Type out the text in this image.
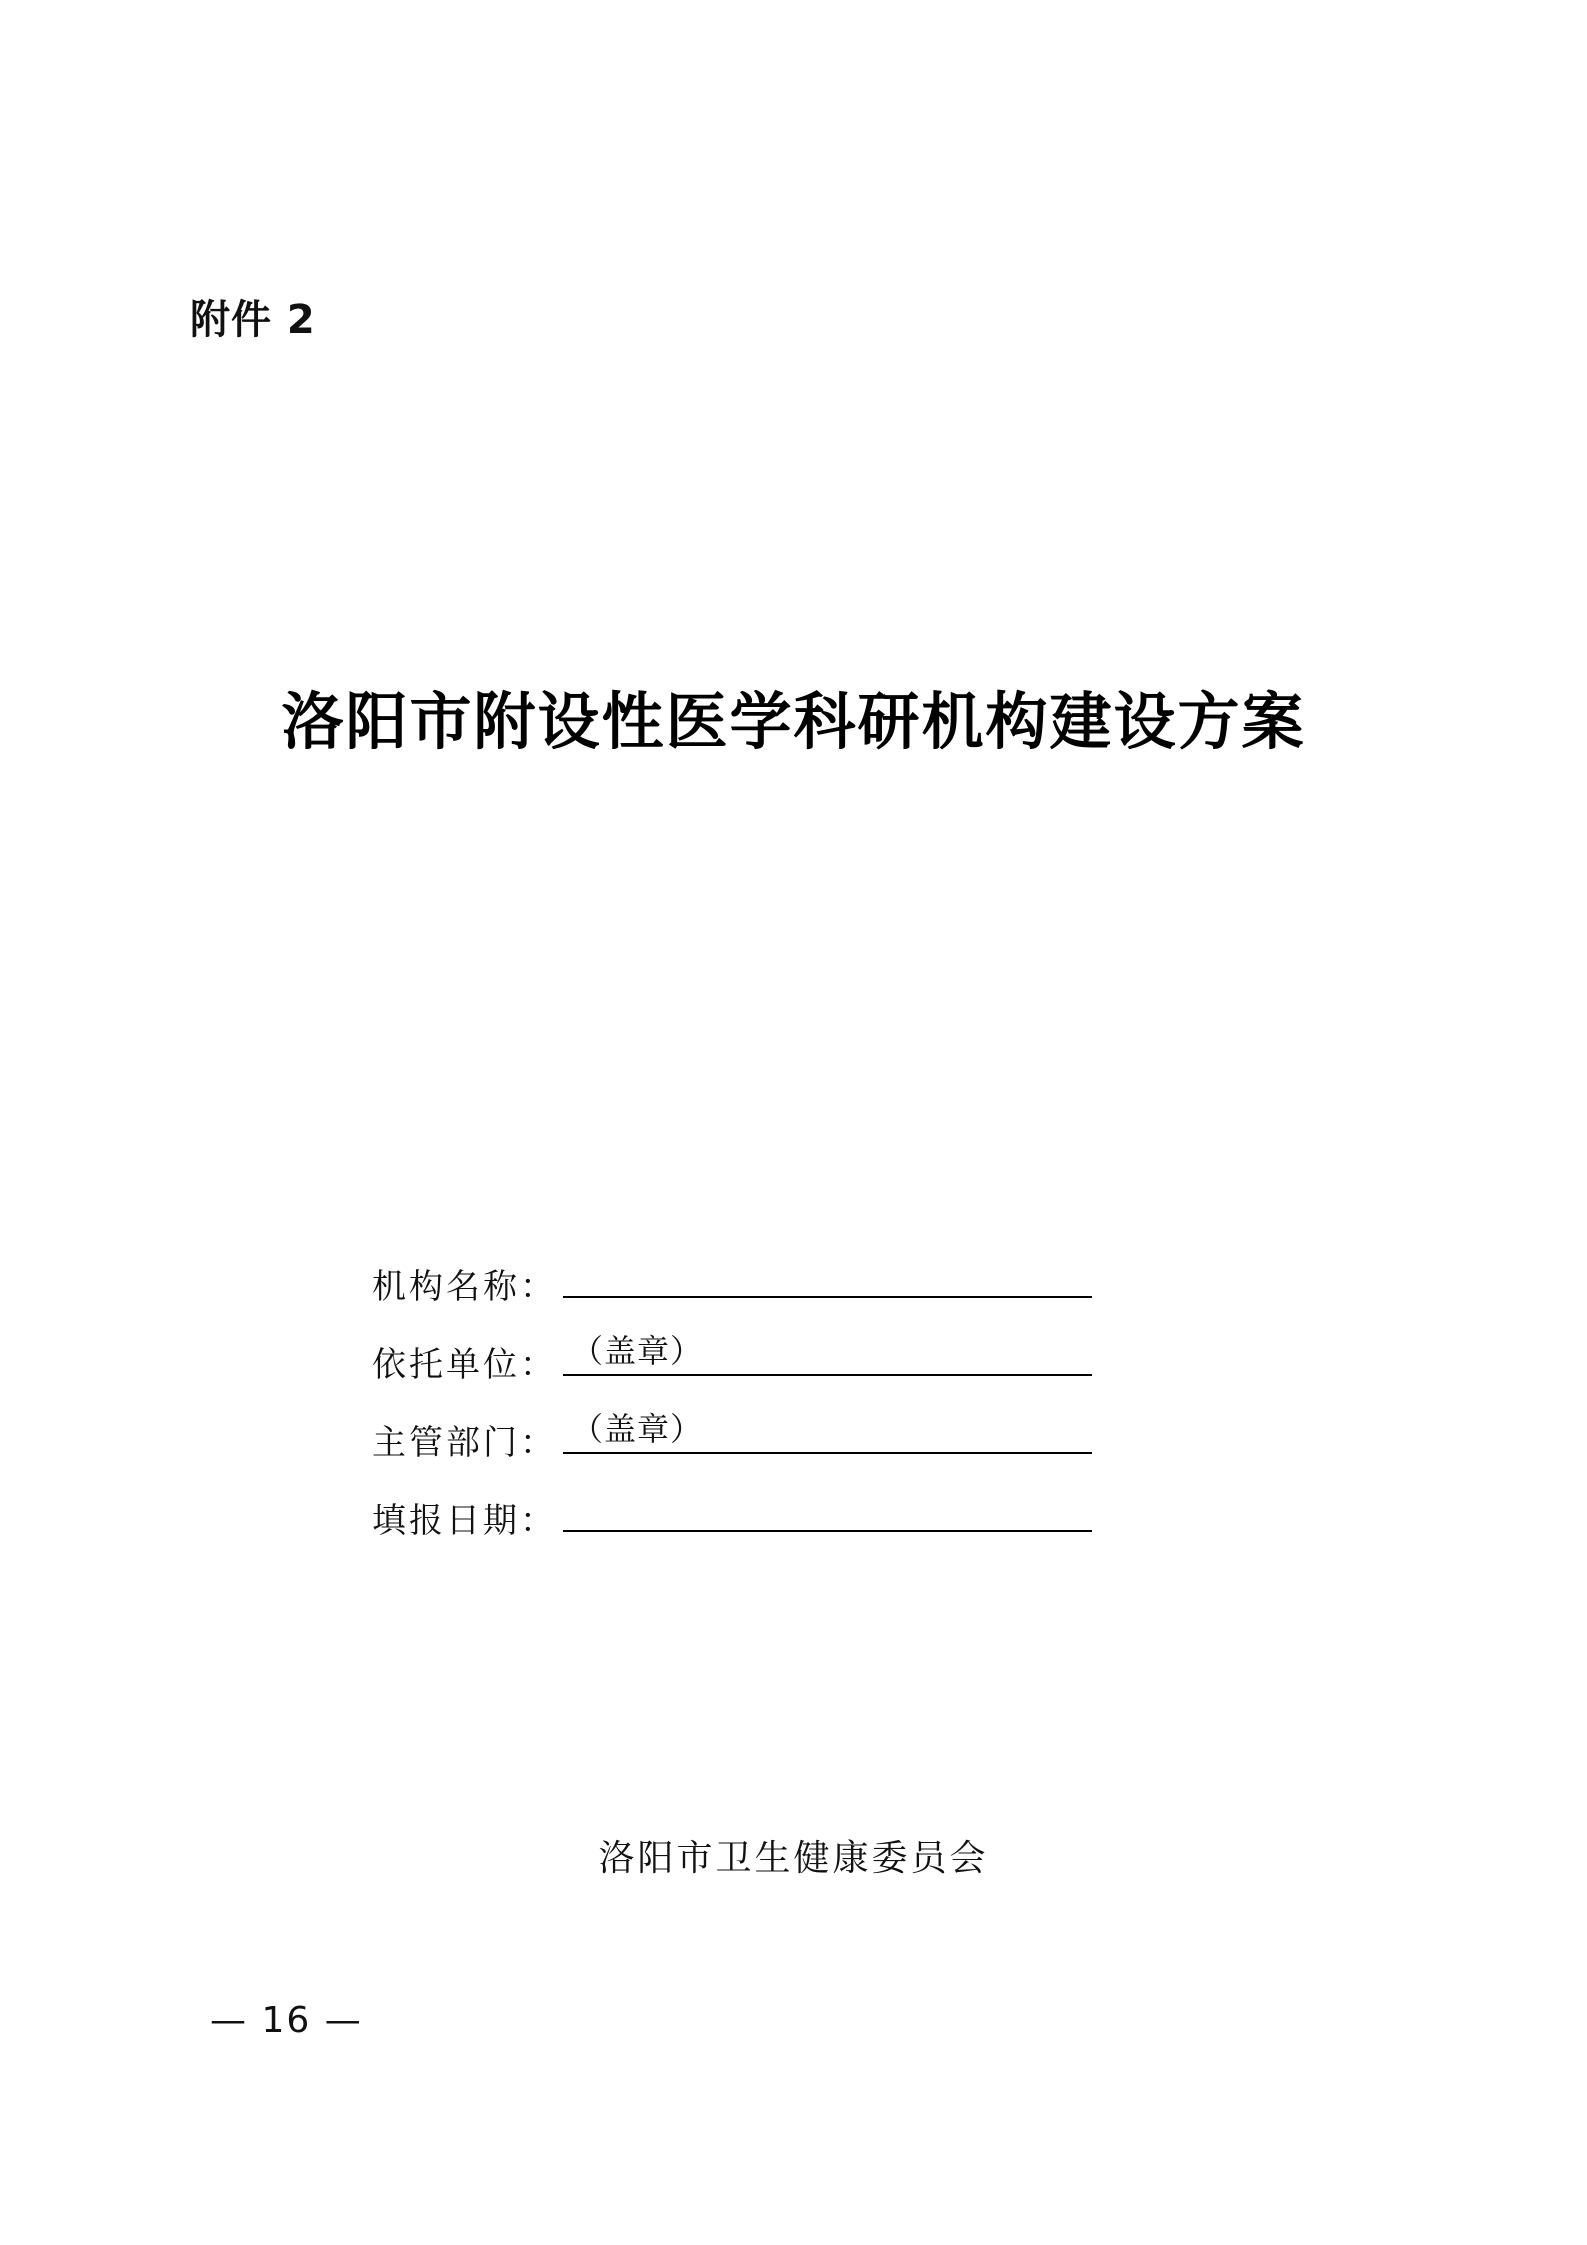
附件 2
洛阳市附设性医学科研机构建设方案
机构名称：
依托单位： （盖章）
主管部门： （盖章）
填报日期：
洛阳市卫生健康委员会
— 16 —
